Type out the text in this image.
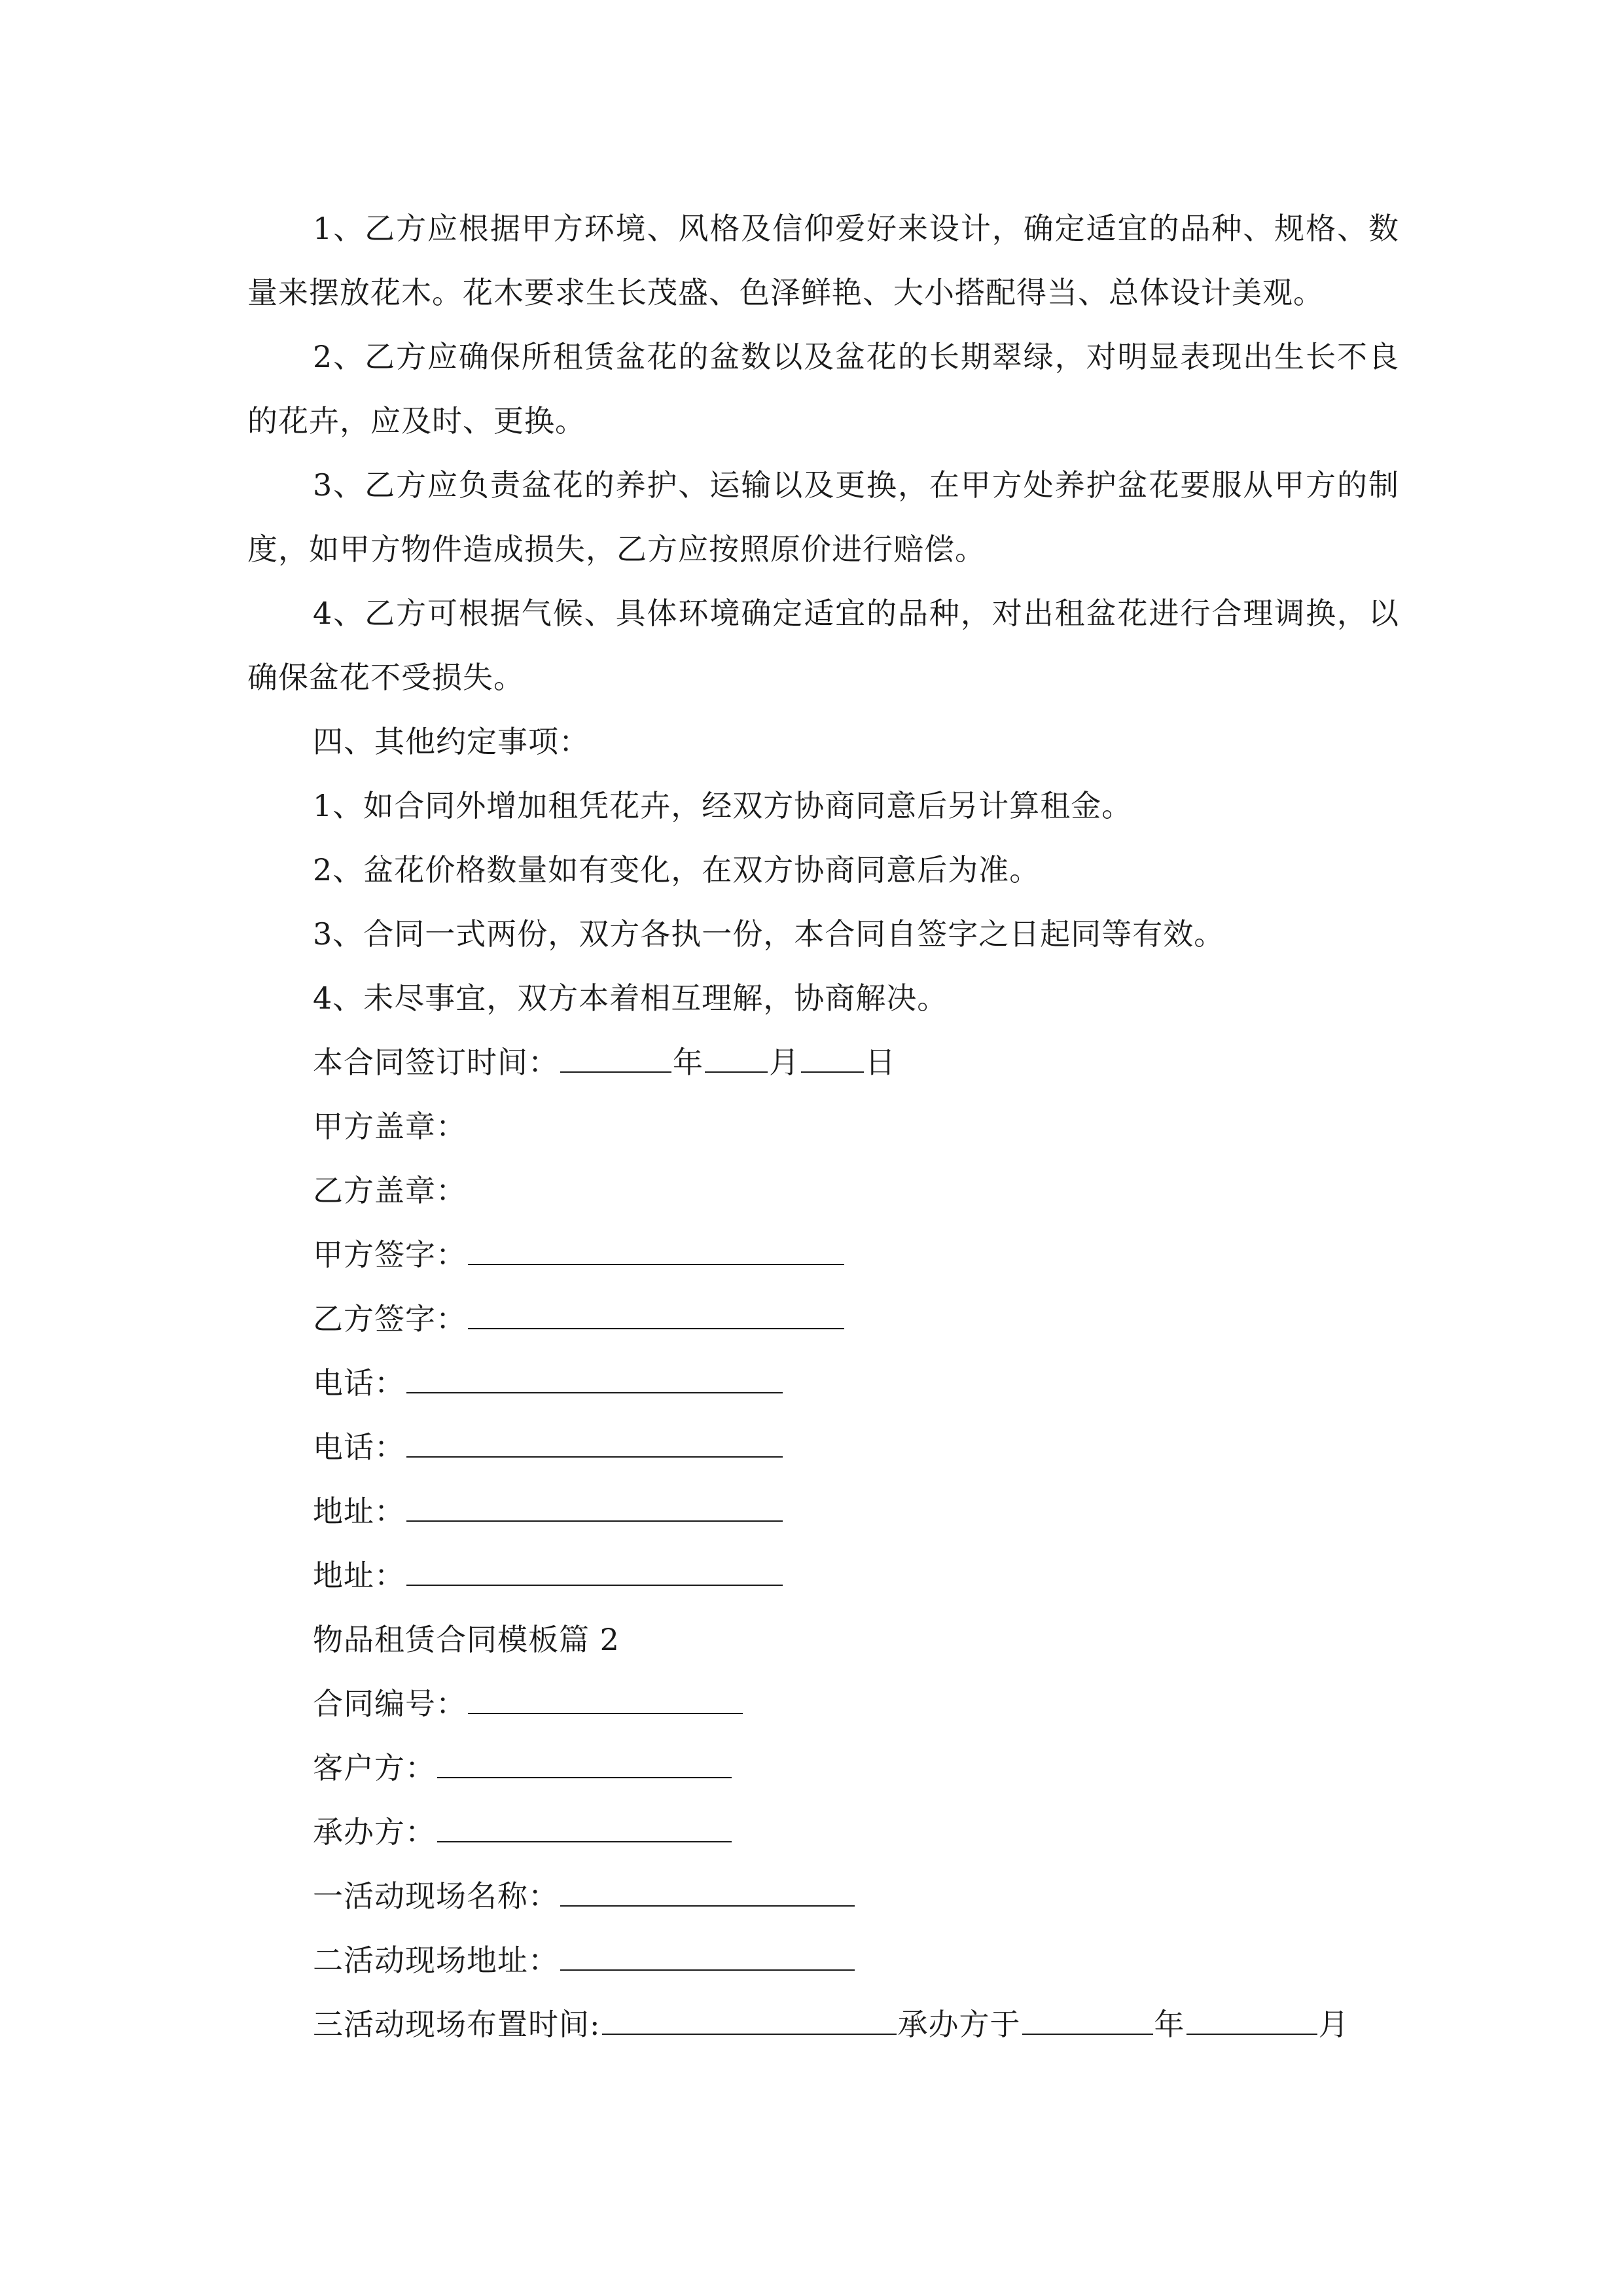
1、乙方应根据甲方环境、风格及信仰爱好来设计，确定适宜的品种、规格、数量来摆放花木。花木要求生长茂盛、色泽鲜艳、大小搭配得当、总体设计美观。

2、乙方应确保所租赁盆花的盆数以及盆花的长期翠绿，对明显表现出生长不良的花卉，应及时、更换。

3、乙方应负责盆花的养护、运输以及更换，在甲方处养护盆花要服从甲方的制度，如甲方物件造成损失，乙方应按照原价进行赔偿。

4、乙方可根据气候、具体环境确定适宜的品种，对出租盆花进行合理调换，以确保盆花不受损失。

四、其他约定事项：

1、如合同外增加租凭花卉，经双方协商同意后另计算租金。

2、盆花价格数量如有变化，在双方协商同意后为准。

3、合同一式两份，双方各执一份，本合同自签字之日起同等有效。

4、未尽事宜，双方本着相互理解，协商解决。

本合同签订时间：	年 月 日

甲方盖章：

乙方盖章：

甲方签字：

乙方签字：

电话：

电话：

地址：

地址：

物品租赁合同模板篇 2

合同编号：

客户方：

承办方：

一活动现场名称：

二活动现场地址：

三活动现场布置时间:	承办方于	年	月
